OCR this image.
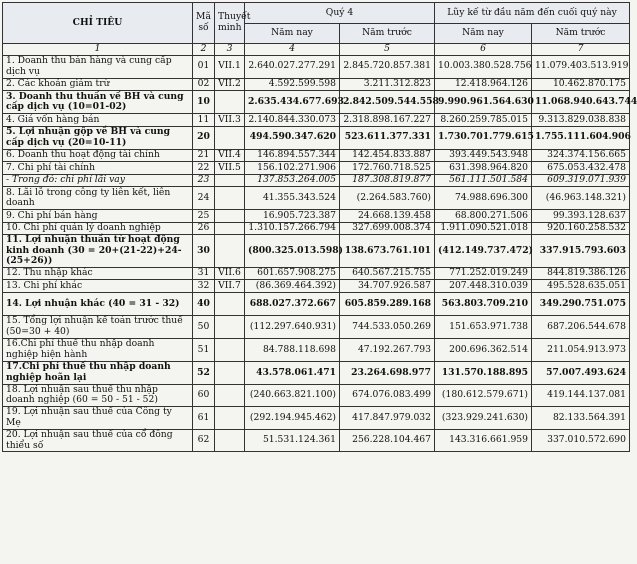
CHỈ TIÊU	Mã số	Thuyết minh	Quý 4		Lũy kế từ đầu năm đến cuối quý này	
			Năm nay	Năm trước	Năm nay	Năm trước
1	2	3	4	5	6	7
1. Doanh thu bán hàng và cung cấp dịch vụ	01	VII.1	2.640.027.277.291	2.845.720.857.381	10.003.380.528.756	11.079.403.513.919
2. Các khoản giảm trừ	02	VII.2	4.592.599.598	3.211.312.823	12.418.964.126	10.462.870.175
3. Doanh thu thuần về BH và cung cấp dịch vụ (10=01-02)	10		2.635.434.677.693	2.842.509.544.558	9.990.961.564.630	11.068.940.643.744
4. Giá vốn hàng bán	11	VII.3	2.140.844.330.073	2.318.898.167.227	8.260.259.785.015	9.313.829.038.838
5. Lợi nhuận gộp về BH và cung cấp dịch vụ (20=10-11)	20		494.590.347.620	523.611.377.331	1.730.701.779.615	1.755.111.604.906
6. Doanh thu hoạt động tài chính	21	VII.4	146.894.557.344	142.454.833.887	393.449.543.948	324.374.156.665
7. Chi phí tài chính	22	VII.5	156.102.271.906	172.760.718.525	631.398.964.820	675.053.432.478
- Trong đó: chi phí lãi vay	23		137.853.264.005	187.308.819.877	561.111.501.584	609.319.071.939
8. Lãi lỗ trong công ty liên kết, liên doanh	24		41.355.343.524	(2.264.583.760)	74.988.696.300	(46.963.148.321)
9. Chi phí bán hàng	25		16.905.723.387	24.668.139.458	68.800.271.506	99.393.128.637
10. Chi phí quản lý doanh nghiệp	26		1.310.157.266.794	327.699.008.374	1.911.090.521.018	920.160.258.532
11. Lợi nhuận thuần từ hoạt động kinh doanh (30 = 20+(21-22)+24-(25+26))	30		(800.325.013.598)	138.673.761.101	(412.149.737.472)	337.915.793.603
12. Thu nhập khác	31	VII.6	601.657.908.275	640.567.215.755	771.252.019.249	844.819.386.126
13. Chi phí khác	32	VII.7	(86.369.464.392)	34.707.926.587	207.448.310.039	495.528.635.051
14. Lợi nhuận khác (40 = 31 - 32)	40		688.027.372.667	605.859.289.168	563.803.709.210	349.290.751.075
15. Tổng lợi nhuận kế toán trước thuế (50=30 + 40)	50		(112.297.640.931)	744.533.050.269	151.653.971.738	687.206.544.678
16.Chi phí thuế thu nhập doanh nghiệp hiện hành	51		84.788.118.698	47.192.267.793	200.696.362.514	211.054.913.973
17.Chi phí thuế thu nhập doanh nghiệp hoãn lại	52		43.578.061.471	23.264.698.977	131.570.188.895	57.007.493.624
18. Lợi nhuận sau thuế thu nhập doanh nghiệp (60 = 50 - 51 - 52)	60		(240.663.821.100)	674.076.083.499	(180.612.579.671)	419.144.137.081
19. Lợi nhuận sau thuế của Công ty Mẹ	61		(292.194.945.462)	417.847.979.032	(323.929.241.630)	82.133.564.391
20. Lợi nhuận sau thuế của cổ đông thiểu số	62		51.531.124.361	256.228.104.467	143.316.661.959	337.010.572.690
